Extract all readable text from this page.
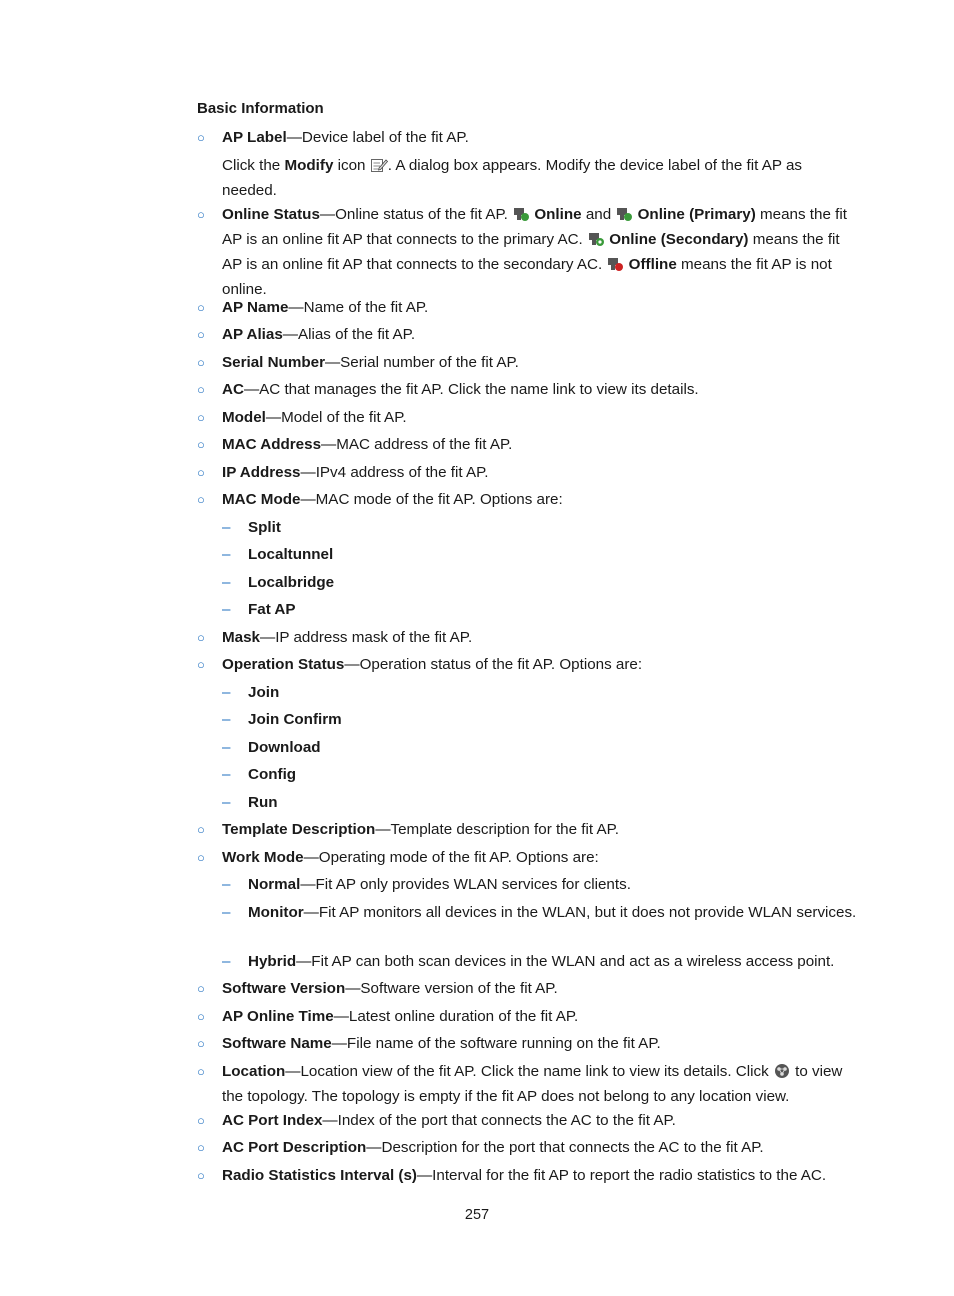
Basic Information
○ AP Label—Device label of the fit AP.
Click the Modify icon . A dialog box appears. Modify the device label of the fit AP as needed.
○ Online Status—Online status of the fit AP.  Online and  Online (Primary) means the fit AP is an online fit AP that connects to the primary AC.  Online (Secondary) means the fit AP is an online fit AP that connects to the secondary AC.  Offline means the fit AP is not online.
○ AP Name—Name of the fit AP.
○ AP Alias—Alias of the fit AP.
○ Serial Number—Serial number of the fit AP.
○ AC—AC that manages the fit AP. Click the name link to view its details.
○ Model—Model of the fit AP.
○ MAC Address—MAC address of the fit AP.
○ IP Address—IPv4 address of the fit AP.
○ MAC Mode—MAC mode of the fit AP. Options are:
– Split
– Localtunnel
– Localbridge
– Fat AP
○ Mask—IP address mask of the fit AP.
○ Operation Status—Operation status of the fit AP. Options are:
– Join
– Join Confirm
– Download
– Config
– Run
○ Template Description—Template description for the fit AP.
○ Work Mode—Operating mode of the fit AP. Options are:
– Normal—Fit AP only provides WLAN services for clients.
– Monitor—Fit AP monitors all devices in the WLAN, but it does not provide WLAN services.
– Hybrid—Fit AP can both scan devices in the WLAN and act as a wireless access point.
○ Software Version—Software version of the fit AP.
○ AP Online Time—Latest online duration of the fit AP.
○ Software Name—File name of the software running on the fit AP.
○ Location—Location view of the fit AP. Click the name link to view its details. Click  to view the topology. The topology is empty if the fit AP does not belong to any location view.
○ AC Port Index—Index of the port that connects the AC to the fit AP.
○ AC Port Description—Description for the port that connects the AC to the fit AP.
○ Radio Statistics Interval (s)—Interval for the fit AP to report the radio statistics to the AC.
257
